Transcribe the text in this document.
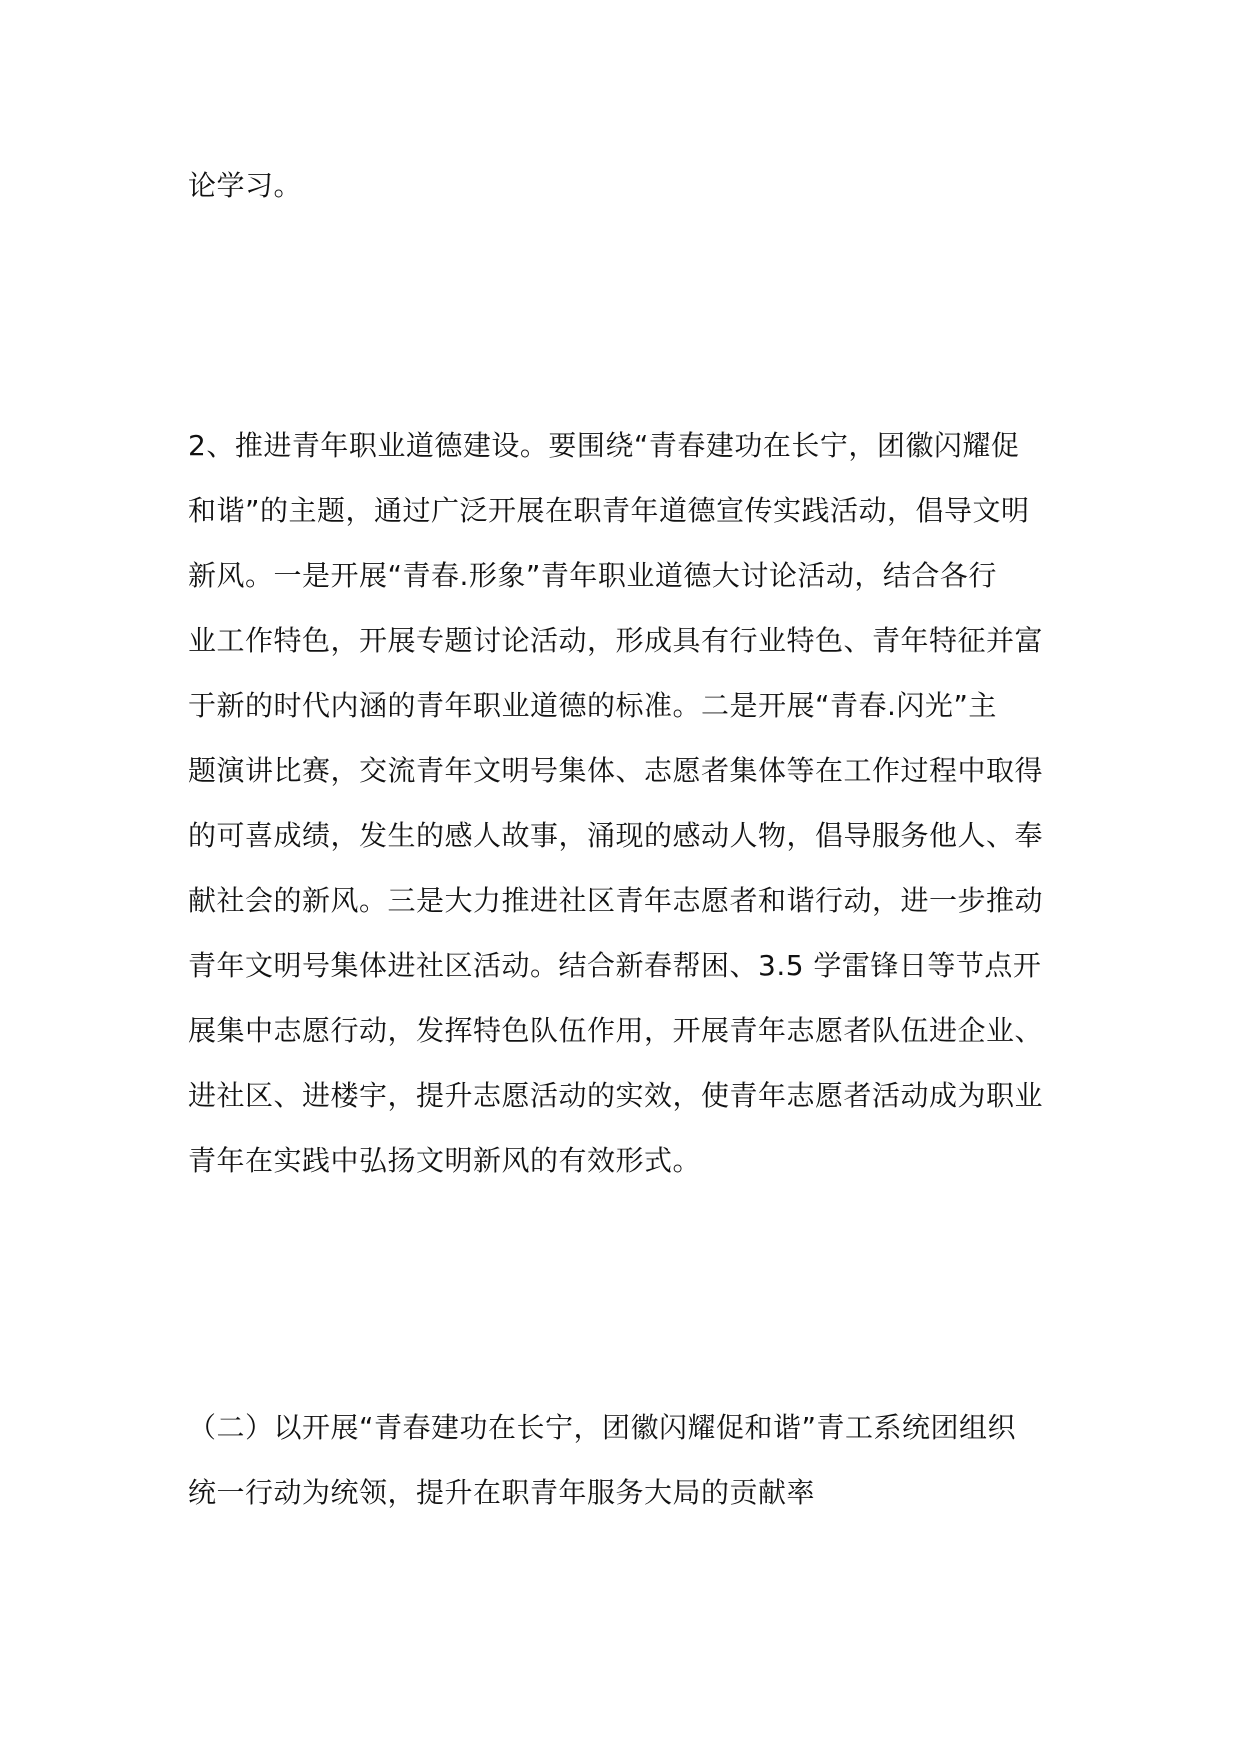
论学习。
2、推进青年职业道德建设。要围绕“青春建功在长宁，团徽闪耀促
和谐”的主题，通过广泛开展在职青年道德宣传实践活动，倡导文明
新风。一是开展“青春.形象”青年职业道德大讨论活动，结合各行
业工作特色，开展专题讨论活动，形成具有行业特色、青年特征并富
于新的时代内涵的青年职业道德的标准。二是开展“青春.闪光”主
题演讲比赛，交流青年文明号集体、志愿者集体等在工作过程中取得
的可喜成绩，发生的感人故事，涌现的感动人物，倡导服务他人、奉
献社会的新风。三是大力推进社区青年志愿者和谐行动，进一步推动
青年文明号集体进社区活动。结合新春帮困、3.5 学雷锋日等节点开
展集中志愿行动，发挥特色队伍作用，开展青年志愿者队伍进企业、
进社区、进楼宇，提升志愿活动的实效，使青年志愿者活动成为职业
青年在实践中弘扬文明新风的有效形式。
（二）以开展“青春建功在长宁，团徽闪耀促和谐”青工系统团组织
统一行动为统领，提升在职青年服务大局的贡献率
